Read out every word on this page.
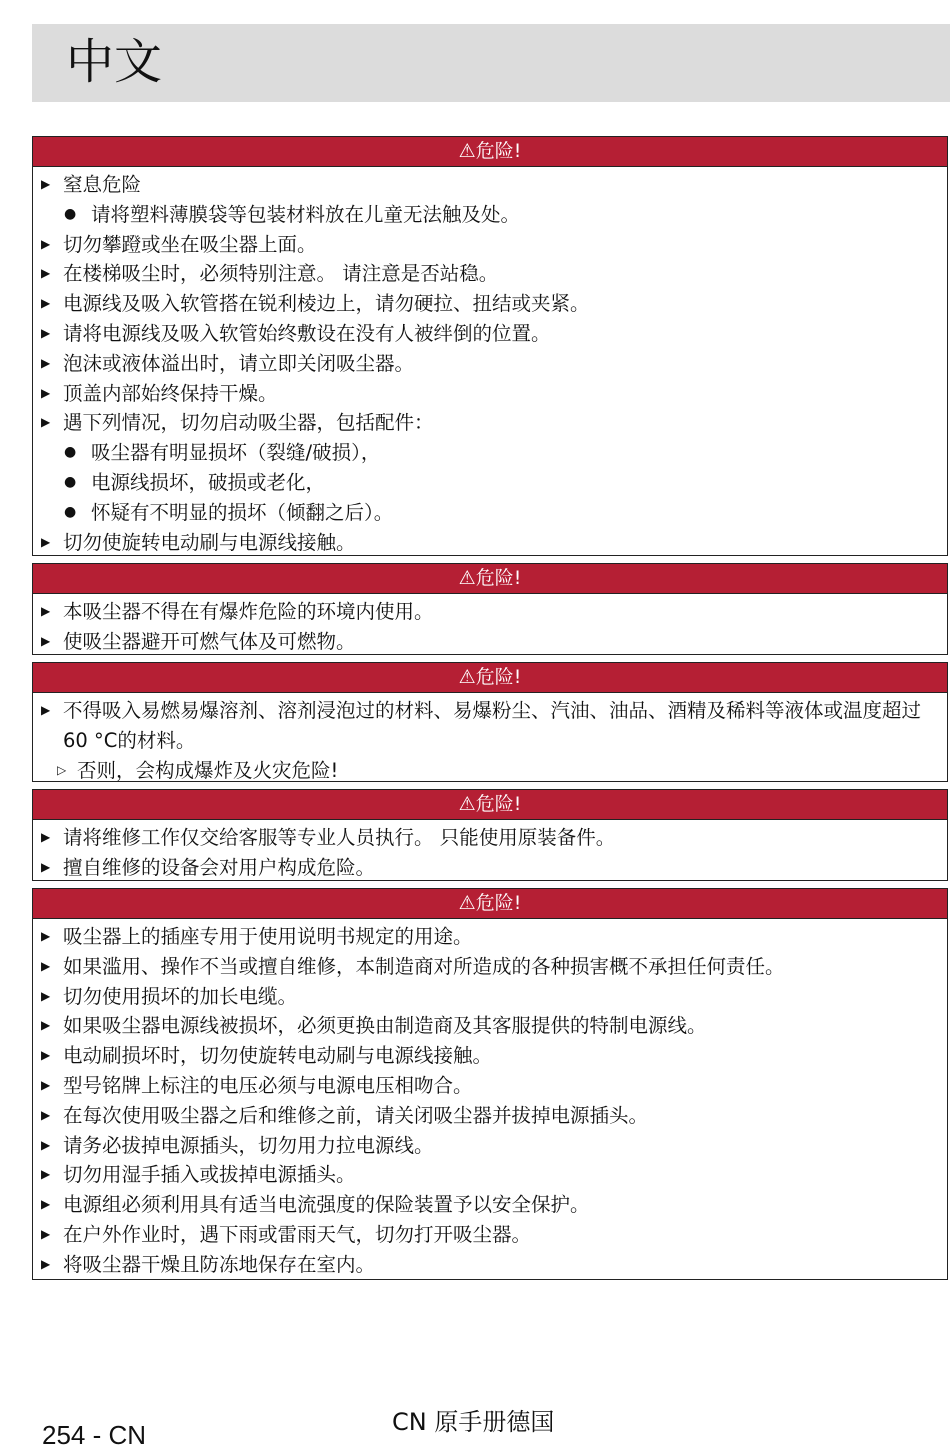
中文
⚠危险!
▶ 窒息危险
● 请将塑料薄膜袋等包装材料放在儿童无法触及处。
▶ 切勿攀蹬或坐在吸尘器上面。
▶ 在楼梯吸尘时，必须特别注意。 请注意是否站稳。
▶ 电源线及吸入软管搭在锐利棱边上，请勿硬拉、扭结或夹紧。
▶ 请将电源线及吸入软管始终敷设在没有人被绊倒的位置。
▶ 泡沫或液体溢出时，请立即关闭吸尘器。
▶ 顶盖内部始终保持干燥。
▶ 遇下列情况，切勿启动吸尘器，包括配件：
● 吸尘器有明显损坏（裂缝/破损），
● 电源线损坏，破损或老化，
● 怀疑有不明显的损坏（倾翻之后）。
▶ 切勿使旋转电动刷与电源线接触。
⚠危险!
▶ 本吸尘器不得在有爆炸危险的环境内使用。
▶ 使吸尘器避开可燃气体及可燃物。
⚠危险!
▶ 不得吸入易燃易爆溶剂、溶剂浸泡过的材料、易爆粉尘、汽油、油品、酒精及稀料等液体或温度超过60 °C的材料。
▷ 否则，会构成爆炸及火灾危险!
⚠危险!
▶ 请将维修工作仅交给客服等专业人员执行。 只能使用原装备件。
▶ 擅自维修的设备会对用户构成危险。
⚠危险!
▶ 吸尘器上的插座专用于使用说明书规定的用途。
▶ 如果滥用、操作不当或擅自维修，本制造商对所造成的各种损害概不承担任何责任。
▶ 切勿使用损坏的加长电缆。
▶ 如果吸尘器电源线被损坏，必须更换由制造商及其客服提供的特制电源线。
▶ 电动刷损坏时，切勿使旋转电动刷与电源线接触。
▶ 型号铭牌上标注的电压必须与电源电压相吻合。
▶ 在每次使用吸尘器之后和维修之前，请关闭吸尘器并拔掉电源插头。
▶ 请务必拔掉电源插头，切勿用力拉电源线。
▶ 切勿用湿手插入或拔掉电源插头。
▶ 电源组必须利用具有适当电流强度的保险装置予以安全保护。
▶ 在户外作业时，遇下雨或雷雨天气，切勿打开吸尘器。
▶ 将吸尘器干燥且防冻地保存在室内。
254 - CN	CN 原手册德国
